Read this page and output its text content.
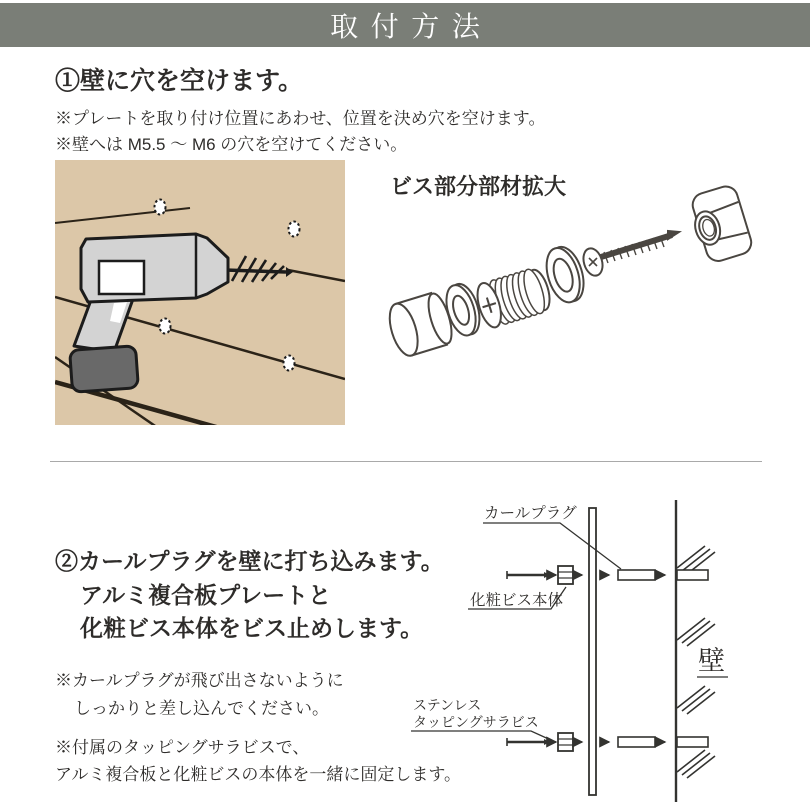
取付方法
①壁に穴を空けます。
※プレートを取り付け位置にあわせ、位置を決め穴を空けます。
※壁へは M5.5 ～ M6 の穴を空けてください。
ビス部分部材拡大
②カールプラグを壁に打ち込みます。
アルミ複合板プレートと
化粧ビス本体をビス止めします。
※カールプラグが飛び出さないように
しっかりと差し込んでください。
※付属のタッピングサラビスで、
アルミ複合板と化粧ビスの本体を一緒に固定します。
カールプラグ
化粧ビス本体
ステンレス
タッピングサラビス
壁
